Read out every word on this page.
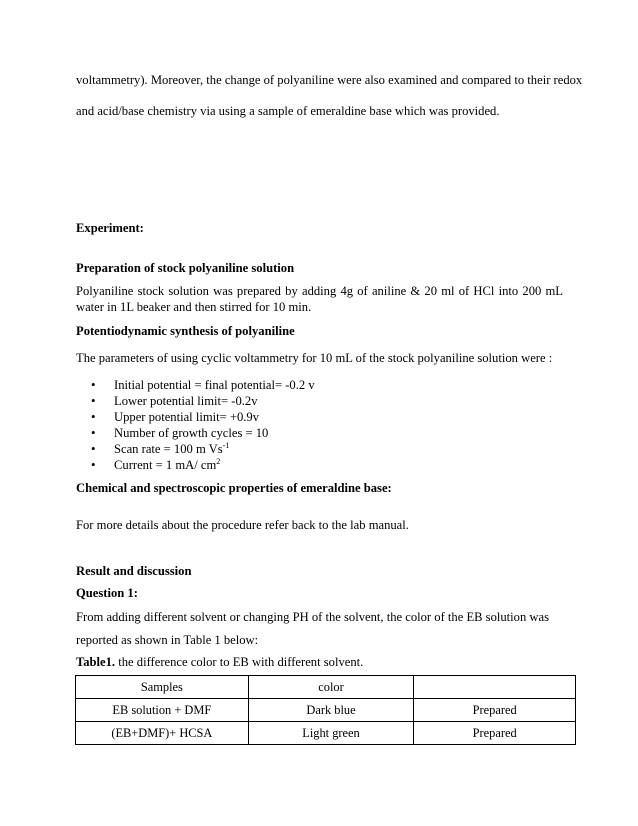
voltammetry). Moreover, the change of polyaniline were also examined and compared to their redox

and acid/base chemistry via using a sample of emeraldine base which was provided.

Experiment:

Preparation of stock polyaniline solution

Polyaniline stock solution was prepared by adding 4g of aniline & 20 ml of HCl into 200 mL water in 1L beaker and then stirred for 10 min.

Potentiodynamic synthesis of polyaniline

The parameters of using cyclic voltammetry for 10 mL of the stock polyaniline solution were :

• Initial potential = final potential= -0.2 v
• Lower potential limit= -0.2v
• Upper potential limit= +0.9v
• Number of growth cycles = 10
• Scan rate = 100 m $Vs^{-1}$
• Current = 1 mA/ $cm^2$

Chemical and spectroscopic properties of emeraldine base:

For more details about the procedure refer back to the lab manual.

Result and discussion

Question 1:

From adding different solvent or changing PH of the solvent, the color of the EB solution was

reported as shown in Table 1 below:

Table1. the difference color to EB with different solvent.

Samples	color	
EB solution + DMF	Dark blue	Prepared
(EB+DMF)+ HCSA	Light green	Prepared
